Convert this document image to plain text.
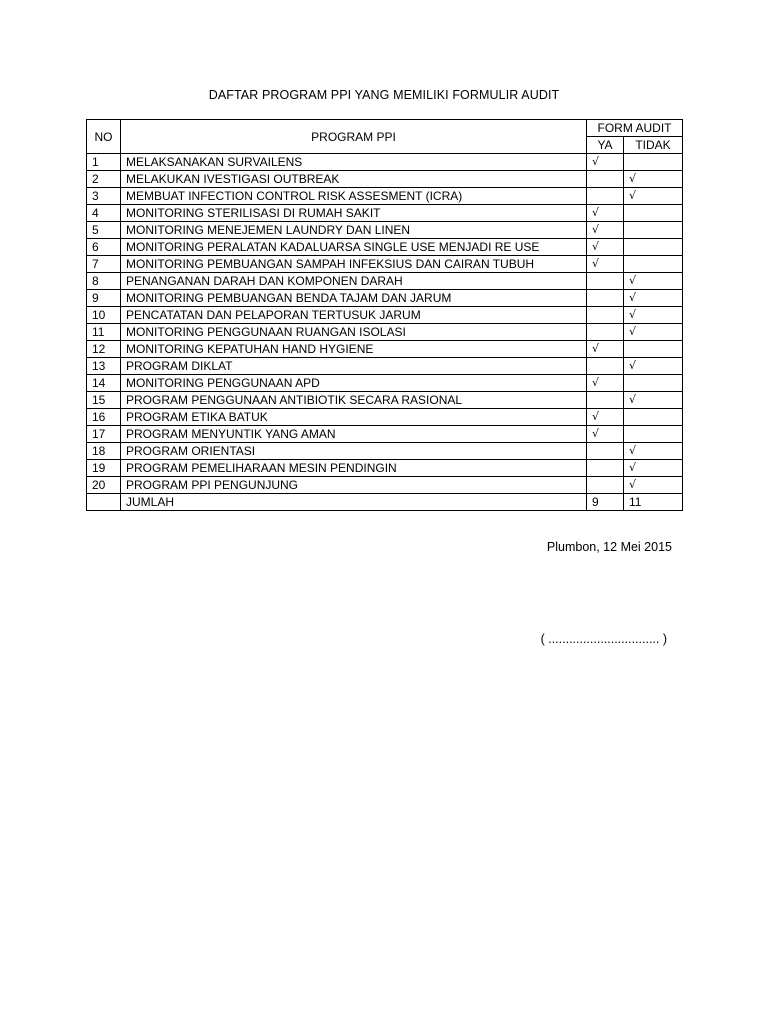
DAFTAR PROGRAM PPI YANG MEMILIKI FORMULIR AUDIT
NO	PROGRAM PPI	FORM AUDIT	
		YA	TIDAK
1	MELAKSANAKAN SURVAILENS	√	
2	MELAKUKAN IVESTIGASI OUTBREAK		√
3	MEMBUAT INFECTION CONTROL RISK ASSESMENT (ICRA)		√
4	MONITORING STERILISASI DI RUMAH SAKIT	√	
5	MONITORING MENEJEMEN LAUNDRY DAN LINEN	√	
6	MONITORING PERALATAN KADALUARSA SINGLE USE MENJADI RE USE	√	
7	MONITORING PEMBUANGAN SAMPAH INFEKSIUS DAN CAIRAN TUBUH	√	
8	PENANGANAN DARAH DAN KOMPONEN DARAH		√
9	MONITORING PEMBUANGAN BENDA TAJAM DAN JARUM		√
10	PENCATATAN DAN PELAPORAN TERTUSUK JARUM		√
11	MONITORING PENGGUNAAN RUANGAN ISOLASI		√
12	MONITORING KEPATUHAN HAND HYGIENE	√	
13	PROGRAM DIKLAT		√
14	MONITORING PENGGUNAAN APD	√	
15	PROGRAM PENGGUNAAN ANTIBIOTIK SECARA RASIONAL		√
16	PROGRAM ETIKA BATUK	√	
17	PROGRAM MENYUNTIK YANG AMAN	√	
18	PROGRAM ORIENTASI		√
19	PROGRAM PEMELIHARAAN MESIN PENDINGIN		√
20	PROGRAM PPI PENGUNJUNG		√
	JUMLAH	9	11
Plumbon, 12 Mei 2015
( ................................ )
